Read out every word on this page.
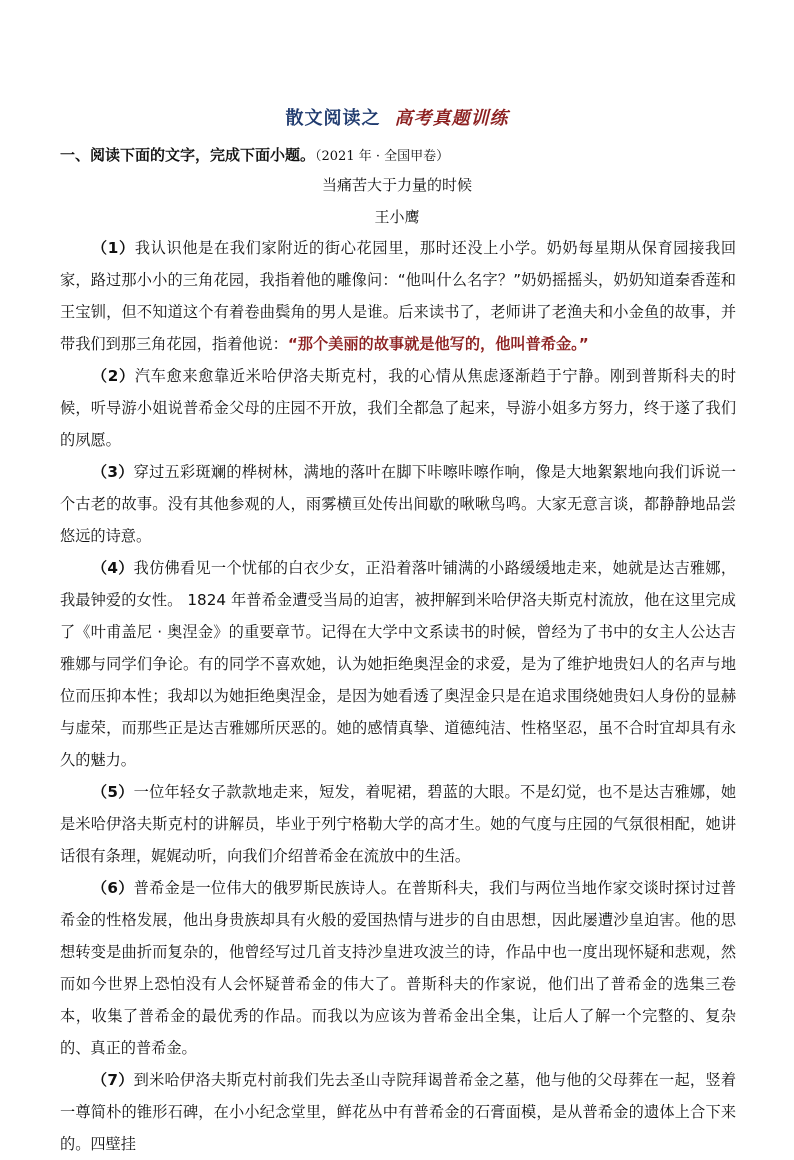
散文阅读之 高考真题训练
一、阅读下面的文字，完成下面小题。（2021 年 · 全国甲卷）
当痛苦大于力量的时候
王小鹰

（1）我认识他是在我们家附近的街心花园里，那时还没上小学。奶奶每星期从保育园接我回家，路过那小小的三角花园，我指着他的雕像问：“他叫什么名字？”奶奶摇摇头，奶奶知道秦香莲和王宝钏，但不知道这个有着卷曲鬓角的男人是谁。后来读书了，老师讲了老渔夫和小金鱼的故事，并带我们到那三角花园，指着他说：“那个美丽的故事就是他写的，他叫普希金。”

（2）汽车愈来愈靠近米哈伊洛夫斯克村，我的心情从焦虑逐渐趋于宁静。刚到普斯科夫的时候，听导游小姐说普希金父母的庄园不开放，我们全都急了起来，导游小姐多方努力，终于遂了我们的夙愿。

（3）穿过五彩斑斓的桦树林，满地的落叶在脚下咔嚓咔嚓作响，像是大地絮絮地向我们诉说一个古老的故事。没有其他参观的人，雨雾横亘处传出间歇的啾啾鸟鸣。大家无意言谈，都静静地品尝悠远的诗意。

（4）我仿佛看见一个忧郁的白衣少女，正沿着落叶铺满的小路缓缓地走来，她就是达吉雅娜，我最钟爱的女性。 1824 年普希金遭受当局的迫害，被押解到米哈伊洛夫斯克村流放，他在这里完成了《叶甫盖尼 · 奥涅金》的重要章节。记得在大学中文系读书的时候，曾经为了书中的女主人公达吉雅娜与同学们争论。有的同学不喜欢她，认为她拒绝奥涅金的求爱，是为了维护地贵妇人的名声与地位而压抑本性；我却以为她拒绝奥涅金，是因为她看透了奥涅金只是在追求围绕她贵妇人身份的显赫与虚荣，而那些正是达吉雅娜所厌恶的。她的感情真挚、道德纯洁、性格坚忍，虽不合时宜却具有永久的魅力。

（5）一位年轻女子款款地走来，短发，着呢裙，碧蓝的大眼。不是幻觉，也不是达吉雅娜，她是米哈伊洛夫斯克村的讲解员，毕业于列宁格勒大学的高才生。她的气度与庄园的气氛很相配，她讲话很有条理，娓娓动听，向我们介绍普希金在流放中的生活。

（6）普希金是一位伟大的俄罗斯民族诗人。在普斯科夫，我们与两位当地作家交谈时探讨过普希金的性格发展，他出身贵族却具有火般的爱国热情与进步的自由思想，因此屡遭沙皇迫害。他的思想转变是曲折而复杂的，他曾经写过几首支持沙皇进攻波兰的诗，作品中也一度出现怀疑和悲观，然而如今世界上恐怕没有人会怀疑普希金的伟大了。普斯科夫的作家说，他们出了普希金的选集三卷本，收集了普希金的最优秀的作品。而我以为应该为普希金出全集，让后人了解一个完整的、复杂的、真正的普希金。

（7）到米哈伊洛夫斯克村前我们先去圣山寺院拜谒普希金之墓，他与他的父母葬在一起，竖着一尊简朴的锥形石碑，在小小纪念堂里，鲜花丛中有普希金的石膏面模，是从普希金的遗体上合下来的。四壁挂
